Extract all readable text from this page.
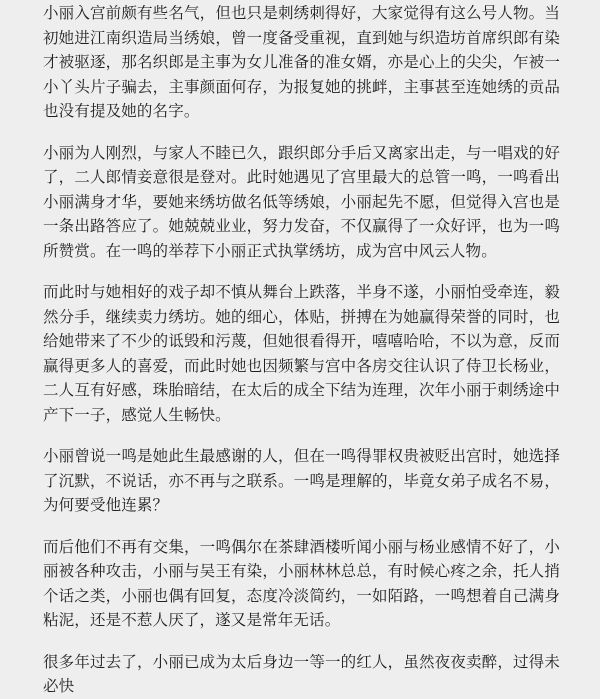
小丽入宫前颇有些名气，但也只是刺绣刺得好，大家觉得有这么号人物。当初她进江南织造局当绣娘，曾一度备受重视，直到她与织造坊首席织郎有染才被驱逐，那名织郎是主事为女儿准备的准女婿，亦是心上的尖尖，乍被一小丫头片子骗去，主事颜面何存，为报复她的挑衅，主事甚至连她绣的贡品也没有提及她的名字。

小丽为人刚烈，与家人不睦已久，跟织郎分手后又离家出走，与一唱戏的好了，二人郎情妾意很是登对。此时她遇见了宫里最大的总管一鸣，一鸣看出小丽满身才华，要她来绣坊做名低等绣娘，小丽起先不愿，但觉得入宫也是一条出路答应了。她兢兢业业，努力发奋，不仅赢得了一众好评，也为一鸣所赞赏。在一鸣的举荐下小丽正式执掌绣坊，成为宫中风云人物。

而此时与她相好的戏子却不慎从舞台上跌落，半身不遂，小丽怕受牵连，毅然分手，继续卖力绣坊。她的细心，体贴，拼搏在为她赢得荣誉的同时，也给她带来了不少的诋毁和污蔑，但她很看得开，嘻嘻哈哈，不以为意，反而赢得更多人的喜爱，而此时她也因频繁与宫中各房交往认识了侍卫长杨业，二人互有好感，珠胎暗结，在太后的成全下结为连理，次年小丽于刺绣途中产下一子，感觉人生畅快。

小丽曾说一鸣是她此生最感谢的人，但在一鸣得罪权贵被贬出宫时，她选择了沉默，不说话，亦不再与之联系。一鸣是理解的，毕竟女弟子成名不易，为何要受他连累？

而后他们不再有交集，一鸣偶尔在茶肆酒楼听闻小丽与杨业感情不好了，小丽被各种攻击，小丽与吴王有染，小丽林林总总，有时候心疼之余，托人捎个话之类，小丽也偶有回复，态度冷淡简约，一如陌路，一鸣想着自己满身粘泥，还是不惹人厌了，遂又是常年无话。

很多年过去了，小丽已成为太后身边一等一的红人，虽然夜夜卖醉，过得未必快
